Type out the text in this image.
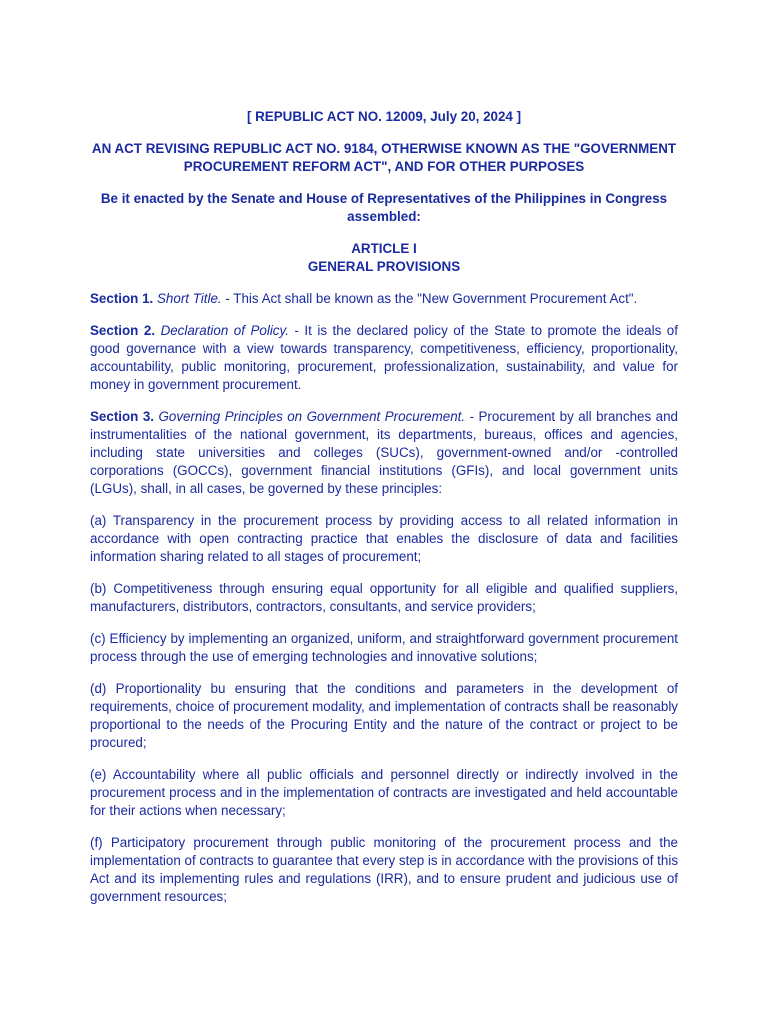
[ REPUBLIC ACT NO. 12009, July 20, 2024 ]

AN ACT REVISING REPUBLIC ACT NO. 9184, OTHERWISE KNOWN AS THE "GOVERNMENT PROCUREMENT REFORM ACT", AND FOR OTHER PURPOSES

Be it enacted by the Senate and House of Representatives of the Philippines in Congress assembled:

ARTICLE I
GENERAL PROVISIONS

Section 1. Short Title. - This Act shall be known as the "New Government Procurement Act".

Section 2. Declaration of Policy. - It is the declared policy of the State to promote the ideals of good governance with a view towards transparency, competitiveness, efficiency, proportionality, accountability, public monitoring, procurement, professionalization, sustainability, and value for money in government procurement.

Section 3. Governing Principles on Government Procurement. - Procurement by all branches and instrumentalities of the national government, its departments, bureaus, offices and agencies, including state universities and colleges (SUCs), government-owned and/or -controlled corporations (GOCCs), government financial institutions (GFIs), and local government units (LGUs), shall, in all cases, be governed by these principles:

(a) Transparency in the procurement process by providing access to all related information in accordance with open contracting practice that enables the disclosure of data and facilities information sharing related to all stages of procurement;

(b) Competitiveness through ensuring equal opportunity for all eligible and qualified suppliers, manufacturers, distributors, contractors, consultants, and service providers;

(c) Efficiency by implementing an organized, uniform, and straightforward government procurement process through the use of emerging technologies and innovative solutions;

(d) Proportionality bu ensuring that the conditions and parameters in the development of requirements, choice of procurement modality, and implementation of contracts shall be reasonably proportional to the needs of the Procuring Entity and the nature of the contract or project to be procured;

(e) Accountability where all public officials and personnel directly or indirectly involved in the procurement process and in the implementation of contracts are investigated and held accountable for their actions when necessary;

(f) Participatory procurement through public monitoring of the procurement process and the implementation of contracts to guarantee that every step is in accordance with the provisions of this Act and its implementing rules and regulations (IRR), and to ensure prudent and judicious use of government resources;
